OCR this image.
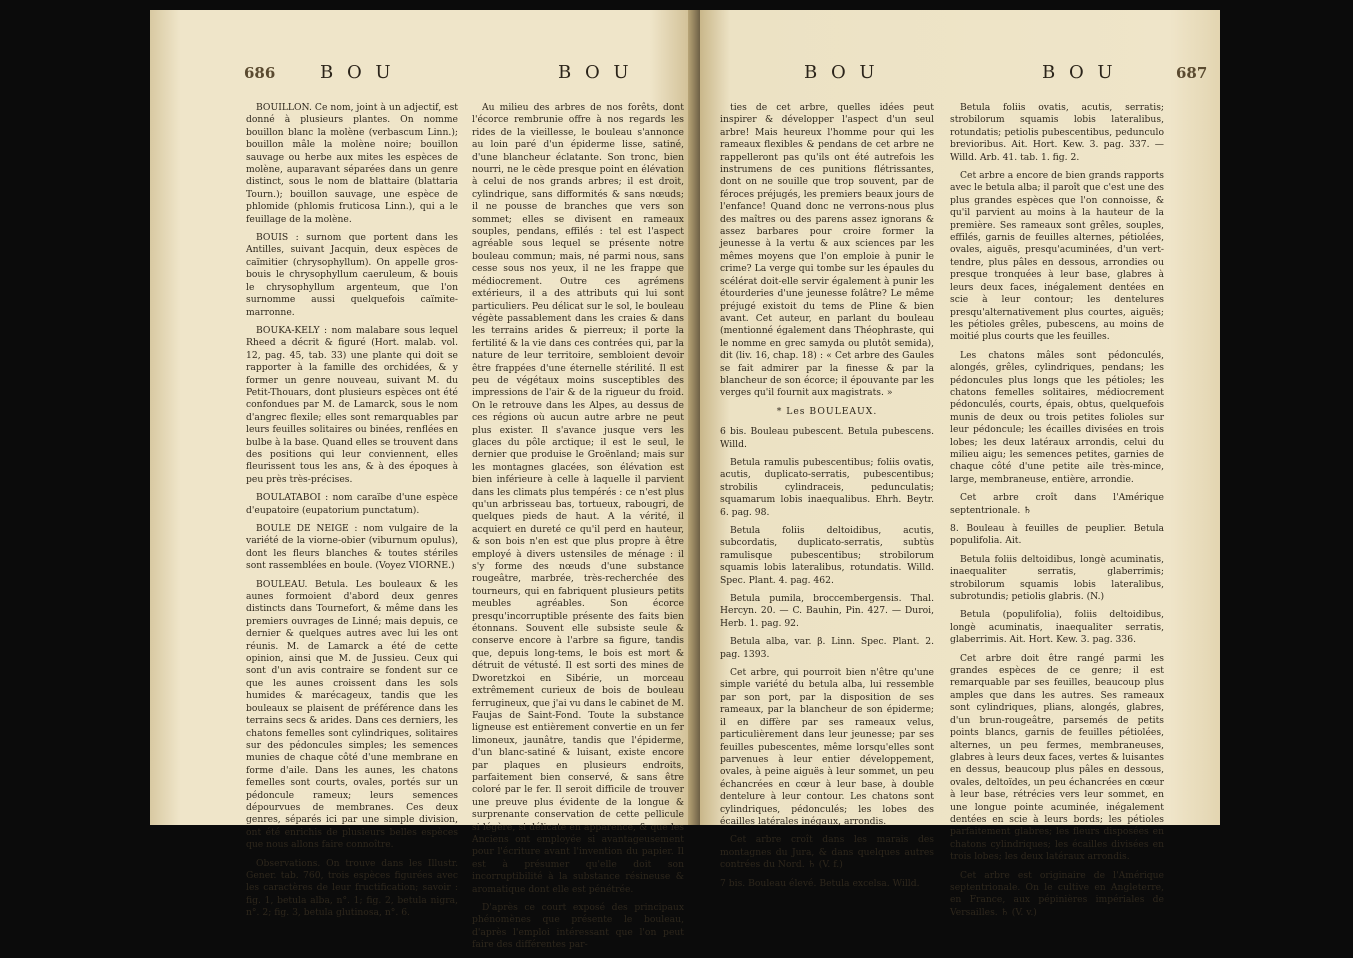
686 B O U	B O U

BOUILLON. Ce nom, joint à un adjectif, est donné à plusieurs plantes. On nomme bouillon blanc la molène (verbascum Linn.); bouillon mâle la molène noire; bouillon sauvage ou herbe aux mites les espèces de molène, auparavant séparées dans un genre distinct, sous le nom de blattaire (blattaria Tourn.); bouillon sauvage, une espèce de phlomide (phlomis fruticosa Linn.), qui a le feuillage de la molène.

BOUIS : surnom que portent dans les Antilles, suivant Jacquin, deux espèces de caïmitier (chrysophyllum). On appelle gros-bouis le chrysophyllum caeruleum, & bouis le chrysophyllum argenteum, que l'on surnomme aussi quelquefois caïmite-marronne.

BOUKA-KELY : nom malabare sous lequel Rheed a décrit & figuré (Hort. malab. vol. 12, pag. 45, tab. 33) une plante qui doit se rapporter à la famille des orchidées, & y former un genre nouveau, suivant M. du Petit-Thouars, dont plusieurs espèces ont été confondues par M. de Lamarck, sous le nom d'angrec flexile; elles sont remarquables par leurs feuilles solitaires ou binées, renflées en bulbe à la base. Quand elles se trouvent dans des positions qui leur conviennent, elles fleurissent tous les ans, & à des époques à peu près très-précises.

BOULATABOI : nom caraïbe d'une espèce d'eupatoire (eupatorium punctatum).

BOULE DE NEIGE : nom vulgaire de la variété de la viorne-obier (viburnum opulus), dont les fleurs blanches & toutes stériles sont rassemblées en boule. (Voyez VIORNE.)

BOULEAU. Betula. Les bouleaux & les aunes formoient d'abord deux genres distincts dans Tournefort, & même dans les premiers ouvrages de Linné; mais depuis, ce dernier & quelques autres avec lui les ont réunis. M. de Lamarck a été de cette opinion, ainsi que M. de Jussieu. Ceux qui sont d'un avis contraire se fondent sur ce que les aunes croissent dans les sols humides & marécageux, tandis que les bouleaux se plaisent de préférence dans les terrains secs & arides. Dans ces derniers, les chatons femelles sont cylindriques, solitaires sur des pédoncules simples; les semences munies de chaque côté d'une membrane en forme d'aile. Dans les aunes, les chatons femelles sont courts, ovales, portés sur un pédoncule rameux; leurs semences dépourvues de membranes. Ces deux genres, séparés ici par une simple division, ont été enrichis de plusieurs belles espèces que nous allons faire connoître.

Observations. On trouve dans les Illustr. Gener. tab. 760, trois espèces figurées avec les caractères de leur fructification; savoir : fig. 1, betula alba, n°. 1; fig. 2, betula nigra, n°. 2; fig. 3, betula glutinosa, n°. 6.

Au milieu des arbres de nos forêts, dont l'écorce rembrunie offre à nos regards les rides de la vieillesse, le bouleau s'annonce au loin paré d'un épiderme lisse, satiné, d'une blancheur éclatante. Son tronc, bien nourri, ne le cède presque point en élévation à celui de nos grands arbres; il est droit, cylindrique, sans difformités & sans nœuds; il ne pousse de branches que vers son sommet; elles se divisent en rameaux souples, pendans, effilés : tel est l'aspect agréable sous lequel se présente notre bouleau commun; mais, né parmi nous, sans cesse sous nos yeux, il ne les frappe que médiocrement. Outre ces agrémens extérieurs, il a des attributs qui lui sont particuliers. Peu délicat sur le sol, le bouleau végète passablement dans les craies & dans les terrains arides & pierreux; il porte la fertilité & la vie dans ces contrées qui, par la nature de leur territoire, sembloient devoir être frappées d'une éternelle stérilité. Il est peu de végétaux moins susceptibles des impressions de l'air & de la rigueur du froid. On le retrouve dans les Alpes, au dessus de ces régions où aucun autre arbre ne peut plus exister. Il s'avance jusque vers les glaces du pôle arctique; il est le seul, le dernier que produise le Groënland; mais sur les montagnes glacées, son élévation est bien inférieure à celle à laquelle il parvient dans les climats plus tempérés : ce n'est plus qu'un arbrisseau bas, tortueux, rabougri, de quelques pieds de haut. A la vérité, il acquiert en dureté ce qu'il perd en hauteur, & son bois n'en est que plus propre à être employé à divers ustensiles de ménage : il s'y forme des nœuds d'une substance rougeâtre, marbrée, très-recherchée des tourneurs, qui en fabriquent plusieurs petits meubles agréables. Son écorce presqu'incorruptible présente des faits bien étonnans. Souvent elle subsiste seule & conserve encore à l'arbre sa figure, tandis que, depuis long-tems, le bois est mort & détruit de vétusté. Il est sorti des mines de Dworetzkoi en Sibérie, un morceau extrêmement curieux de bois de bouleau ferrugineux, que j'ai vu dans le cabinet de M. Faujas de Saint-Fond. Toute la substance ligneuse est entièrement convertie en un fer limoneux, jaunâtre, tandis que l'épiderme, d'un blanc-satiné & luisant, existe encore par plaques en plusieurs endroits, parfaitement bien conservé, & sans être coloré par le fer. Il seroit difficile de trouver une preuve plus évidente de la longue & surprenante conservation de cette pellicule si légère, si délicate en apparence, & que les Anciens ont employée si avantageusement pour l'écriture avant l'invention du papier. Il est à présumer qu'elle doit son incorruptibilité à la substance résineuse & aromatique dont elle est pénétrée.

D'après ce court exposé des principaux phénomènes que présente le bouleau, d'après l'emploi intéressant que l'on peut faire des différentes par-

B O U	B O U	687

ties de cet arbre, quelles idées peut inspirer & développer l'aspect d'un seul arbre! Mais heureux l'homme pour qui les rameaux flexibles & pendans de cet arbre ne rappelleront pas qu'ils ont été autrefois les instrumens de ces punitions flétrissantes, dont on ne souille que trop souvent, par de féroces préjugés, les premiers beaux jours de l'enfance! Quand donc ne verrons-nous plus des maîtres ou des parens assez ignorans & assez barbares pour croire former la jeunesse à la vertu & aux sciences par les mêmes moyens que l'on emploie à punir le crime? La verge qui tombe sur les épaules du scélérat doit-elle servir également à punir les étourderies d'une jeunesse folâtre? Le même préjugé existoit du tems de Pline & bien avant. Cet auteur, en parlant du bouleau (mentionné également dans Théophraste, qui le nomme en grec samyda ou plutôt semida), dit (liv. 16, chap. 18) : « Cet arbre des Gaules se fait admirer par la finesse & par la blancheur de son écorce; il épouvante par les verges qu'il fournit aux magistrats. »

* Les BOULEAUX.

6 bis. Bouleau pubescent. Betula pubescens. Willd.

Betula ramulis pubescentibus; foliis ovatis, acutis, duplicato-serratis, pubescentibus; strobilis cylindraceis, pedunculatis; squamarum lobis inaequalibus. Ehrh. Beytr. 6. pag. 98.

Betula foliis deltoidibus, acutis, subcordatis, duplicato-serratis, subtùs ramulisque pubescentibus; strobilorum squamis lobis lateralibus, rotundatis. Willd. Spec. Plant. 4. pag. 462.

Betula pumila, broccembergensis. Thal. Hercyn. 20. — C. Bauhin, Pin. 427. — Duroi, Herb. 1. pag. 92.

Betula alba, var. β. Linn. Spec. Plant. 2. pag. 1393.

Cet arbre, qui pourroit bien n'être qu'une simple variété du betula alba, lui ressemble par son port, par la disposition de ses rameaux, par la blancheur de son épiderme; il en diffère par ses rameaux velus, particulièrement dans leur jeunesse; par ses feuilles pubescentes, même lorsqu'elles sont parvenues à leur entier développement, ovales, à peine aiguës à leur sommet, un peu échancrées en cœur à leur base, à double dentelure à leur contour. Les chatons sont cylindriques, pédonculés; les lobes des écailles latérales inégaux, arrondis.

Cet arbre croît dans les marais des montagnes du Jura, & dans quelques autres contrées du Nord. ♄ (V. f.)

7 bis. Bouleau élevé. Betula excelsa. Willd.

Betula foliis ovatis, acutis, serratis; strobilorum squamis lobis lateralibus, rotundatis; petiolis pubescentibus, pedunculo brevioribus. Ait. Hort. Kew. 3. pag. 337. — Willd. Arb. 41. tab. 1. fig. 2.

Cet arbre a encore de bien grands rapports avec le betula alba; il paroît que c'est une des plus grandes espèces que l'on connoisse, & qu'il parvient au moins à la hauteur de la première. Ses rameaux sont grêles, souples, effilés, garnis de feuilles alternes, pétiolées, ovales, aiguës, presqu'acuminées, d'un vert-tendre, plus pâles en dessous, arrondies ou presque tronquées à leur base, glabres à leurs deux faces, inégalement dentées en scie à leur contour; les dentelures presqu'alternativement plus courtes, aiguës; les pétioles grêles, pubescens, au moins de moitié plus courts que les feuilles.

Les chatons mâles sont pédonculés, alongés, grêles, cylindriques, pendans; les pédoncules plus longs que les pétioles; les chatons femelles solitaires, médiocrement pédonculés, courts, épais, obtus, quelquefois munis de deux ou trois petites folioles sur leur pédoncule; les écailles divisées en trois lobes; les deux latéraux arrondis, celui du milieu aigu; les semences petites, garnies de chaque côté d'une petite aile très-mince, large, membraneuse, entière, arrondie.

Cet arbre croît dans l'Amérique septentrionale. ♄

8. Bouleau à feuilles de peuplier. Betula populifolia. Ait.

Betula foliis deltoidibus, longè acuminatis, inaequaliter serratis, glaberrimis; strobilorum squamis lobis lateralibus, subrotundis; petiolis glabris. (N.)

Betula (populifolia), foliis deltoidibus, longè acuminatis, inaequaliter serratis, glaberrimis. Ait. Hort. Kew. 3. pag. 336.

Cet arbre doit être rangé parmi les grandes espèces de ce genre; il est remarquable par ses feuilles, beaucoup plus amples que dans les autres. Ses rameaux sont cylindriques, plians, alongés, glabres, d'un brun-rougeâtre, parsemés de petits points blancs, garnis de feuilles pétiolées, alternes, un peu fermes, membraneuses, glabres à leurs deux faces, vertes & luisantes en dessus, beaucoup plus pâles en dessous, ovales, deltoïdes, un peu échancrées en cœur à leur base, rétrécies vers leur sommet, en une longue pointe acuminée, inégalement dentées en scie à leurs bords; les pétioles parfaitement glabres; les fleurs disposées en chatons cylindriques; les écailles divisées en trois lobes; les deux latéraux arrondis.

Cet arbre est originaire de l'Amérique septentrionale. On le cultive en Angleterre, en France, aux pépinières impériales de Versailles. ♄ (V. v.)
